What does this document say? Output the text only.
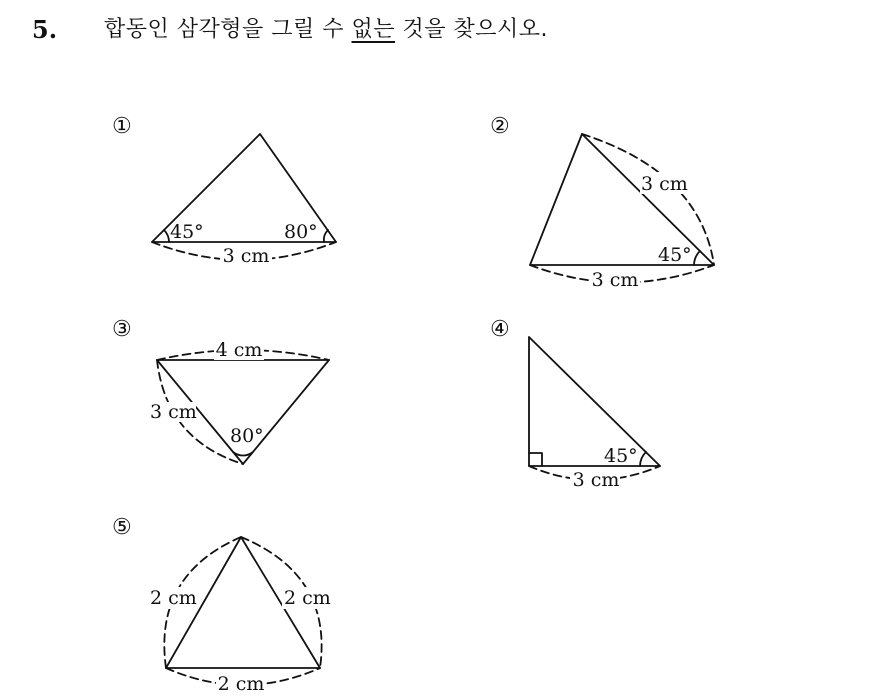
5.	합동인 삼각형을 그릴 수 없는 것을 찾으시오.
①
45°	80°
3 cm
②
3 cm
45°
3 cm
③
4 cm
3 cm
80°
④
45°
3 cm
⑤
2 cm	2 cm
2 cm
